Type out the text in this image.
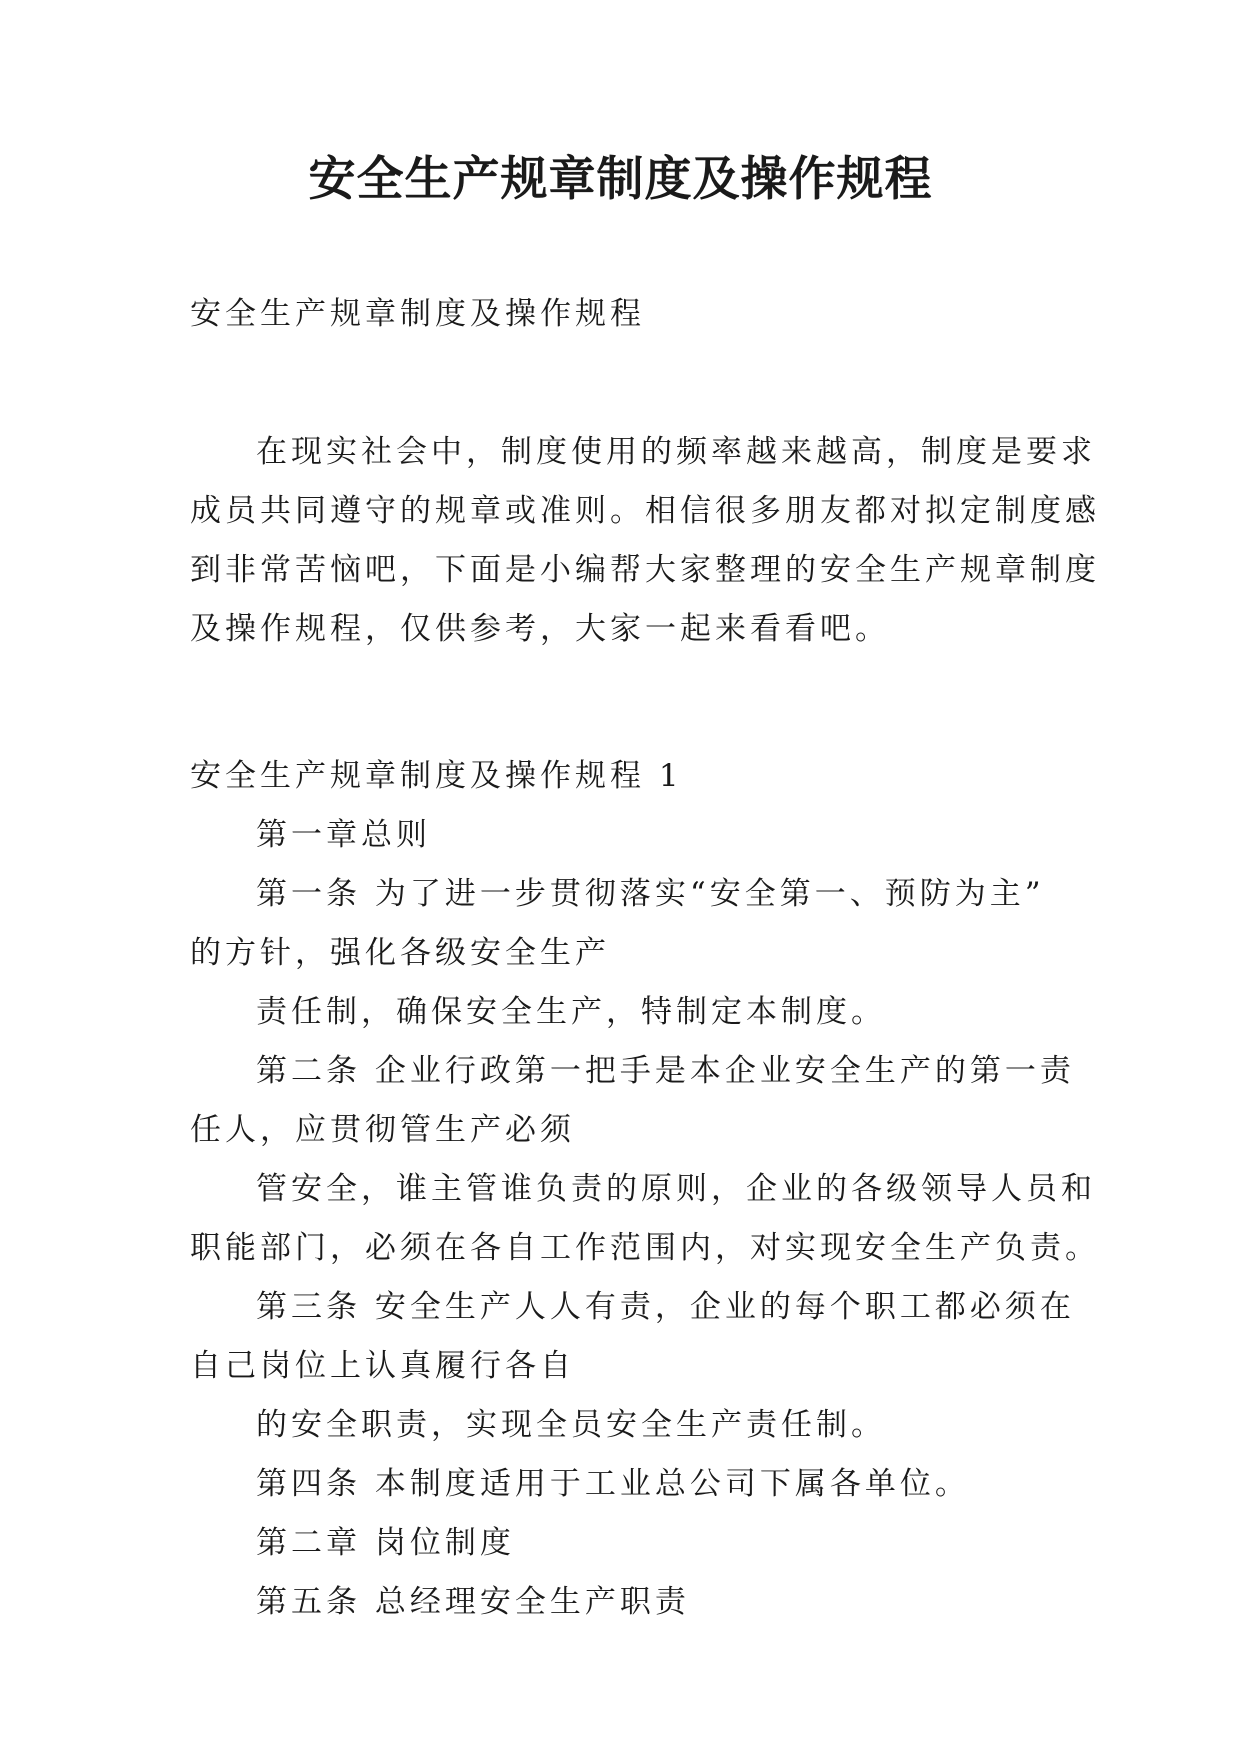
安全生产规章制度及操作规程

安全生产规章制度及操作规程

在现实社会中，制度使用的频率越来越高，制度是要求

成员共同遵守的规章或准则。相信很多朋友都对拟定制度感

到非常苦恼吧，下面是小编帮大家整理的安全生产规章制度

及操作规程，仅供参考，大家一起来看看吧。

安全生产规章制度及操作规程 1

第一章总则

第一条 为了进一步贯彻落实“安全第一、预防为主”

的方针，强化各级安全生产

责任制，确保安全生产，特制定本制度。

第二条 企业行政第一把手是本企业安全生产的第一责

任人，应贯彻管生产必须

管安全，谁主管谁负责的原则，企业的各级领导人员和

职能部门，必须在各自工作范围内，对实现安全生产负责。

第三条 安全生产人人有责，企业的每个职工都必须在

自己岗位上认真履行各自

的安全职责，实现全员安全生产责任制。

第四条 本制度适用于工业总公司下属各单位。

第二章 岗位制度

第五条 总经理安全生产职责
